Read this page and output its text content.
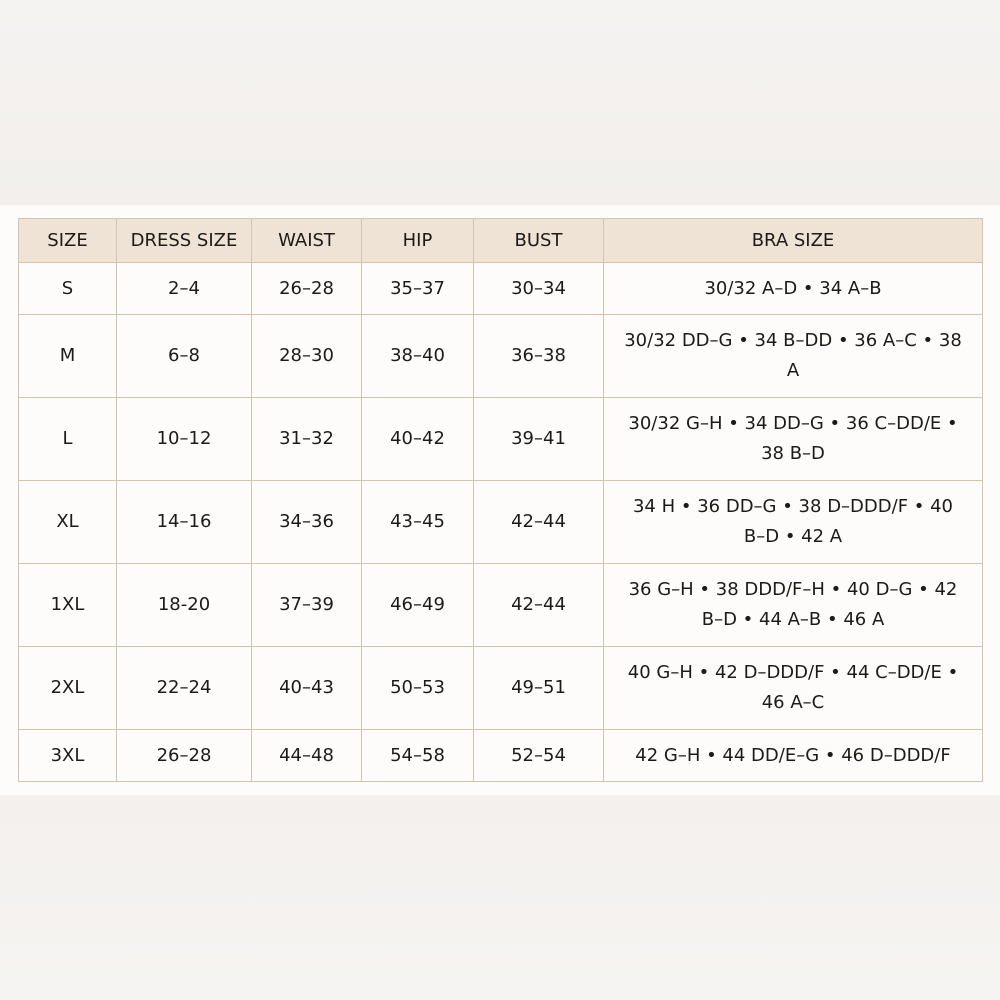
SIZE	DRESS SIZE	WAIST	HIP	BUST	BRA SIZE
S	2–4	26–28	35–37	30–34	30/32 A–D • 34 A–B
M	6–8	28–30	38–40	36–38	30/32 DD–G • 34 B–DD • 36 A–C • 38 A
L	10–12	31–32	40–42	39–41	30/32 G–H • 34 DD–G • 36 C–DD/E • 38 B–D
XL	14–16	34–36	43–45	42–44	34 H • 36 DD–G • 38 D–DDD/F • 40 B–D • 42 A
1XL	18-20	37–39	46–49	42–44	36 G–H • 38 DDD/F–H • 40 D–G • 42 B–D • 44 A–B • 46 A
2XL	22–24	40–43	50–53	49–51	40 G–H • 42 D–DDD/F • 44 C–DD/E • 46 A–C
3XL	26–28	44–48	54–58	52–54	42 G–H • 44 DD/E–G • 46 D–DDD/F
